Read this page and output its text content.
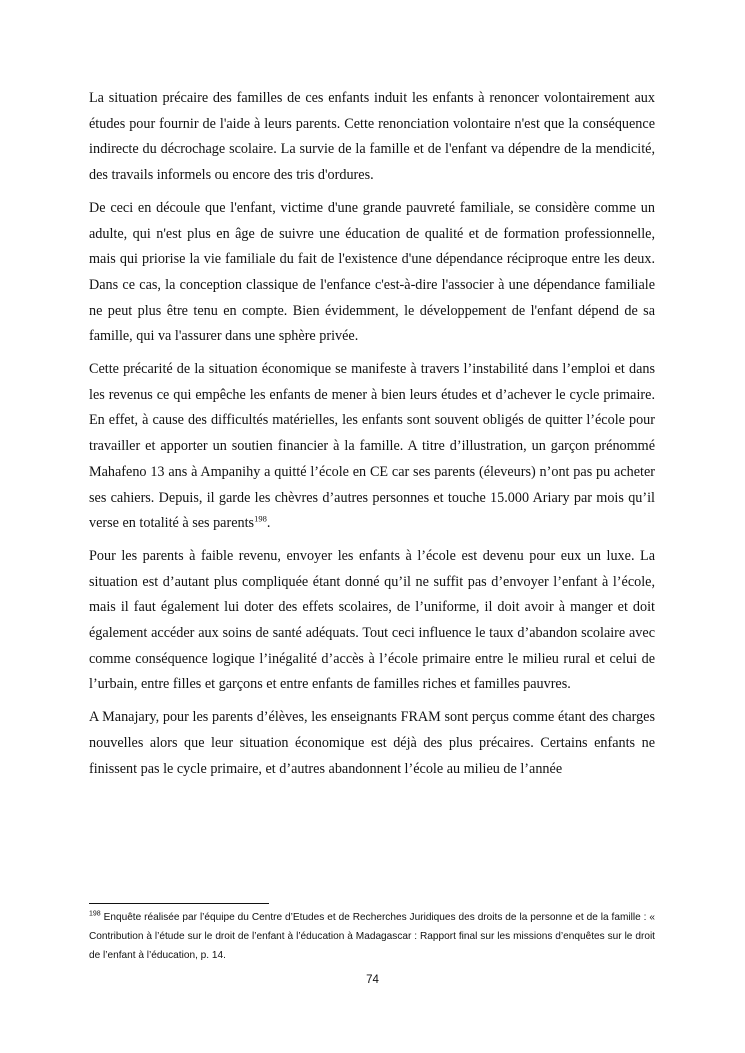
La situation précaire des familles de ces enfants induit les enfants à renoncer volontairement aux études pour fournir de l'aide à leurs parents. Cette renonciation volontaire n'est que la conséquence indirecte du décrochage scolaire. La survie de la famille et de l'enfant va dépendre de la mendicité, des travails informels ou encore des tris d'ordures.

De ceci en découle que l'enfant, victime d'une grande pauvreté familiale, se considère comme un adulte, qui n'est plus en âge de suivre une éducation de qualité et de formation professionnelle, mais qui priorise la vie familiale du fait de l'existence d'une dépendance réciproque entre les deux. Dans ce cas, la conception classique de l'enfance c'est-à-dire l'associer à une dépendance familiale ne peut plus être tenu en compte. Bien évidemment, le développement de l'enfant dépend de sa famille, qui va l'assurer dans une sphère privée.

Cette précarité de la situation économique se manifeste à travers l’instabilité dans l’emploi et dans les revenus ce qui empêche les enfants de mener à bien leurs études et d’achever le cycle primaire. En effet, à cause des difficultés matérielles, les enfants sont souvent obligés de quitter l’école pour travailler et apporter un soutien financier à la famille. A titre d’illustration, un garçon prénommé Mahafeno 13 ans à Ampanihy a quitté l’école en CE car ses parents (éleveurs) n’ont pas pu acheter ses cahiers. Depuis, il garde les chèvres d’autres personnes et touche 15.000 Ariary par mois qu’il verse en totalité à ses parents$^{198}$.

Pour les parents à faible revenu, envoyer les enfants à l’école est devenu pour eux un luxe. La situation est d’autant plus compliquée étant donné qu’il ne suffit pas d’envoyer l’enfant à l’école, mais il faut également lui doter des effets scolaires, de l’uniforme, il doit avoir à manger et doit également accéder aux soins de santé adéquats. Tout ceci influence le taux d’abandon scolaire avec comme conséquence logique l’inégalité d’accès à l’école primaire entre le milieu rural et celui de l’urbain, entre filles et garçons et entre enfants de familles riches et familles pauvres.

A Manajary, pour les parents d’élèves, les enseignants FRAM sont perçus comme étant des charges nouvelles alors que leur situation économique est déjà des plus précaires. Certains enfants ne finissent pas le cycle primaire, et d’autres abandonnent l’école au milieu de l’année

$^{198}$ Enquête réalisée par l’équipe du Centre d’Etudes et de Recherches Juridiques des droits de la personne et de la famille : « Contribution à l’étude sur le droit de l’enfant à l’éducation à Madagascar : Rapport final sur les missions d’enquêtes sur le droit de l’enfant à l’éducation, p. 14.

74
